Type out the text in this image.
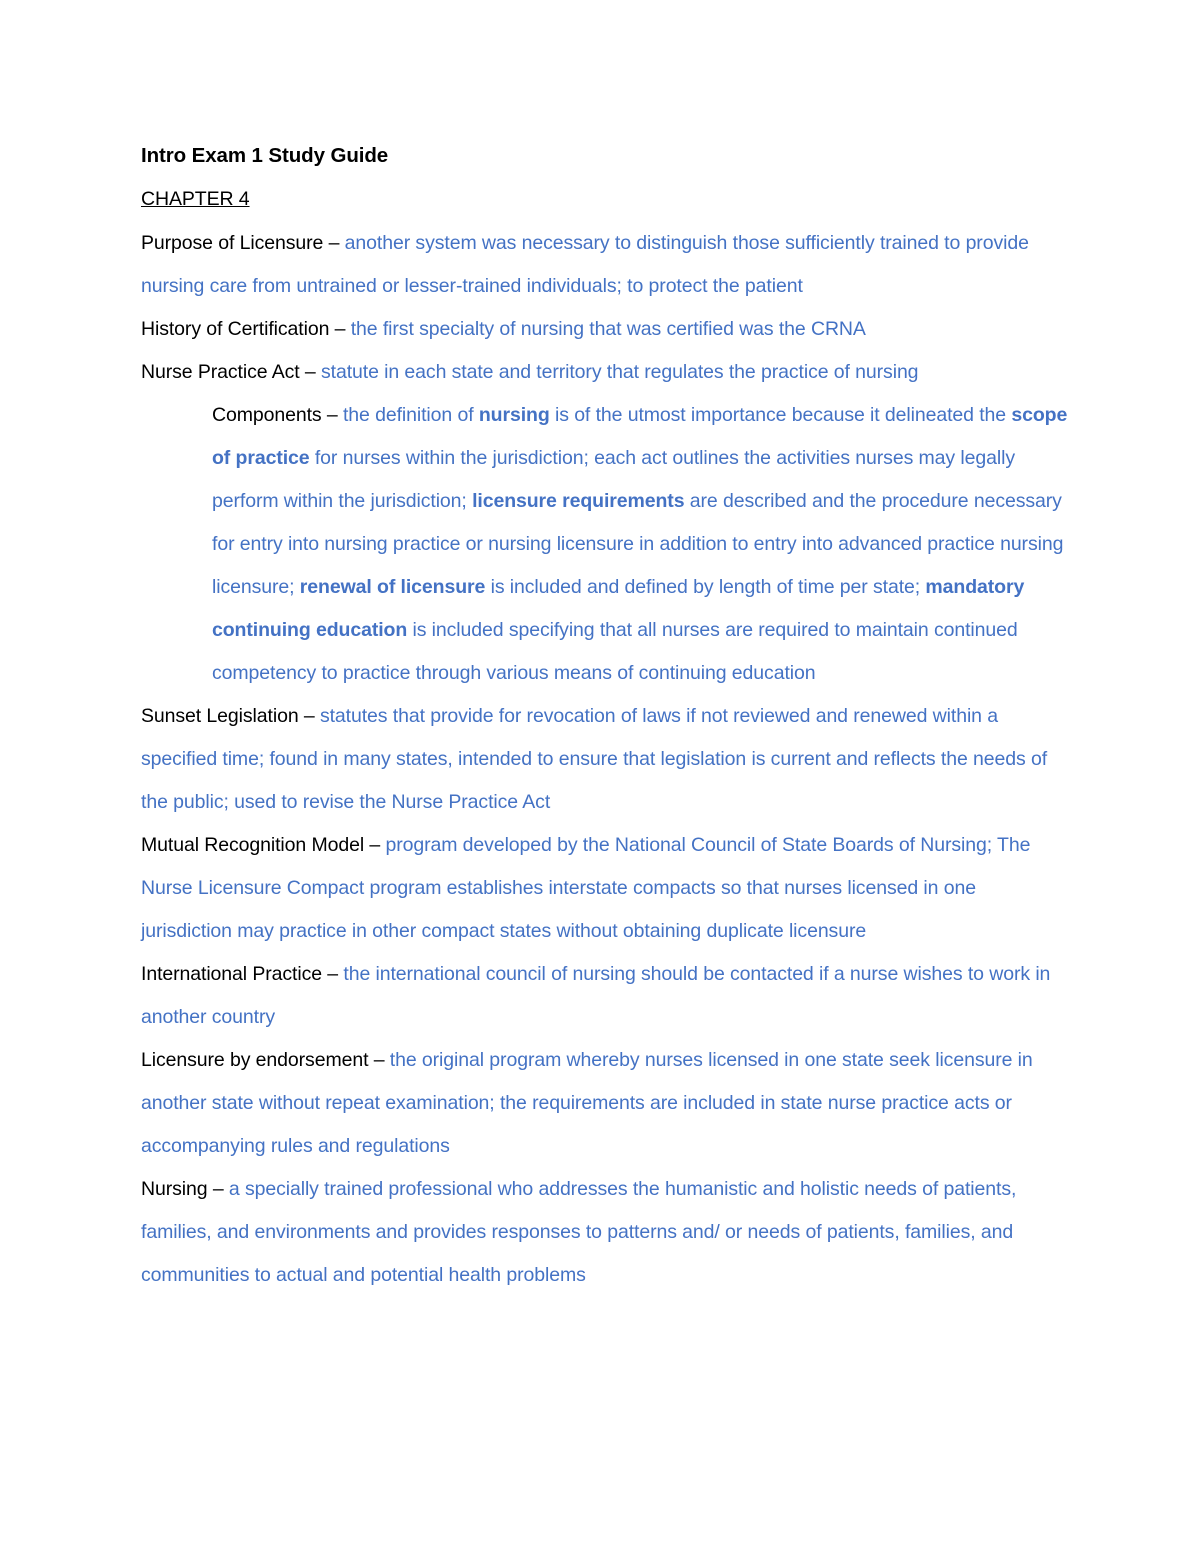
Intro Exam 1 Study Guide

CHAPTER 4

Purpose of Licensure – another system was necessary to distinguish those sufficiently trained to provide nursing care from untrained or lesser-trained individuals; to protect the patient

History of Certification – the first specialty of nursing that was certified was the CRNA

Nurse Practice Act – statute in each state and territory that regulates the practice of nursing

Components – the definition of nursing is of the utmost importance because it delineated the scope of practice for nurses within the jurisdiction; each act outlines the activities nurses may legally perform within the jurisdiction; licensure requirements are described and the procedure necessary for entry into nursing practice or nursing licensure in addition to entry into advanced practice nursing licensure; renewal of licensure is included and defined by length of time per state; mandatory continuing education is included specifying that all nurses are required to maintain continued competency to practice through various means of continuing education

Sunset Legislation – statutes that provide for revocation of laws if not reviewed and renewed within a specified time; found in many states, intended to ensure that legislation is current and reflects the needs of the public; used to revise the Nurse Practice Act

Mutual Recognition Model – program developed by the National Council of State Boards of Nursing; The Nurse Licensure Compact program establishes interstate compacts so that nurses licensed in one jurisdiction may practice in other compact states without obtaining duplicate licensure

International Practice – the international council of nursing should be contacted if a nurse wishes to work in another country

Licensure by endorsement – the original program whereby nurses licensed in one state seek licensure in another state without repeat examination; the requirements are included in state nurse practice acts or accompanying rules and regulations

Nursing – a specially trained professional who addresses the humanistic and holistic needs of patients, families, and environments and provides responses to patterns and/ or needs of patients, families, and communities to actual and potential health problems
